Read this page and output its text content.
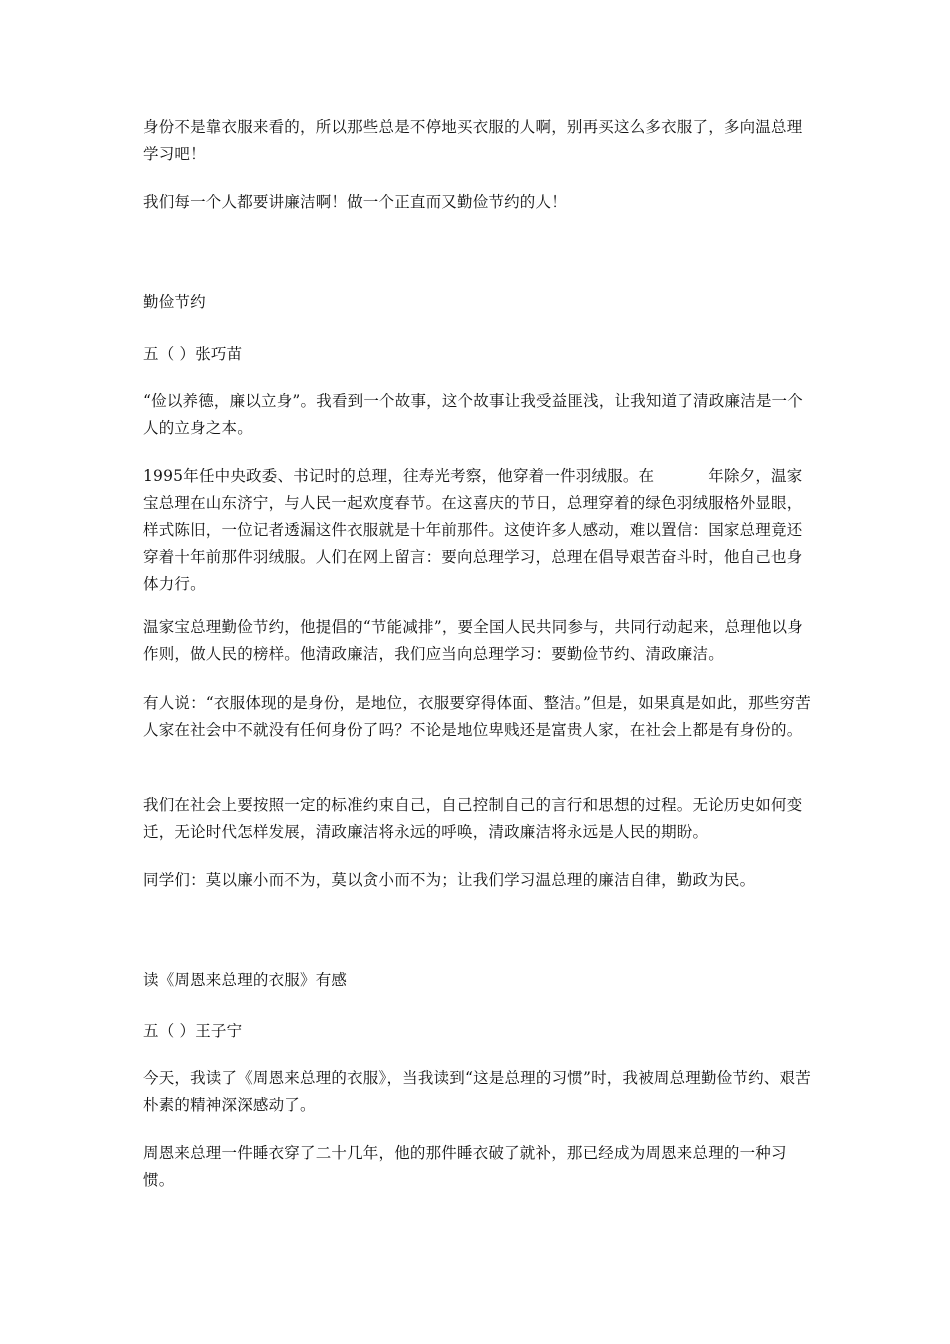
身份不是靠衣服来看的，所以那些总是不停地买衣服的人啊，别再买这么多衣服了，多向温总理学习吧！

我们每一个人都要讲廉洁啊！做一个正直而又勤俭节约的人！

勤俭节约

五（ ）张巧苗

“俭以养德，廉以立身”。我看到一个故事，这个故事让我受益匪浅，让我知道了清政廉洁是一个人的立身之本。

1995年任中央政委、书记时的总理，往寿光考察，他穿着一件羽绒服。在	年除夕，温家宝总理在山东济宁，与人民一起欢度春节。在这喜庆的节日，总理穿着的绿色羽绒服格外显眼，样式陈旧，一位记者透漏这件衣服就是十年前那件。这使许多人感动，难以置信：国家总理竟还穿着十年前那件羽绒服。人们在网上留言：要向总理学习，总理在倡导艰苦奋斗时，他自己也身体力行。

温家宝总理勤俭节约，他提倡的“节能减排”，要全国人民共同参与，共同行动起来，总理他以身作则，做人民的榜样。他清政廉洁，我们应当向总理学习：要勤俭节约、清政廉洁。

有人说：“衣服体现的是身份，是地位，衣服要穿得体面、整洁。”但是，如果真是如此，那些穷苦人家在社会中不就没有任何身份了吗？不论是地位卑贱还是富贵人家，在社会上都是有身份的。

我们在社会上要按照一定的标准约束自己，自己控制自己的言行和思想的过程。无论历史如何变迁，无论时代怎样发展，清政廉洁将永远的呼唤，清政廉洁将永远是人民的期盼。

同学们：莫以廉小而不为，莫以贪小而不为；让我们学习温总理的廉洁自律，勤政为民。

读《周恩来总理的衣服》有感

五（ ）王子宁

今天，我读了《周恩来总理的衣服》，当我读到“这是总理的习惯”时，我被周总理勤俭节约、艰苦朴素的精神深深感动了。

周恩来总理一件睡衣穿了二十几年，他的那件睡衣破了就补，那已经成为周恩来总理的一种习惯。
